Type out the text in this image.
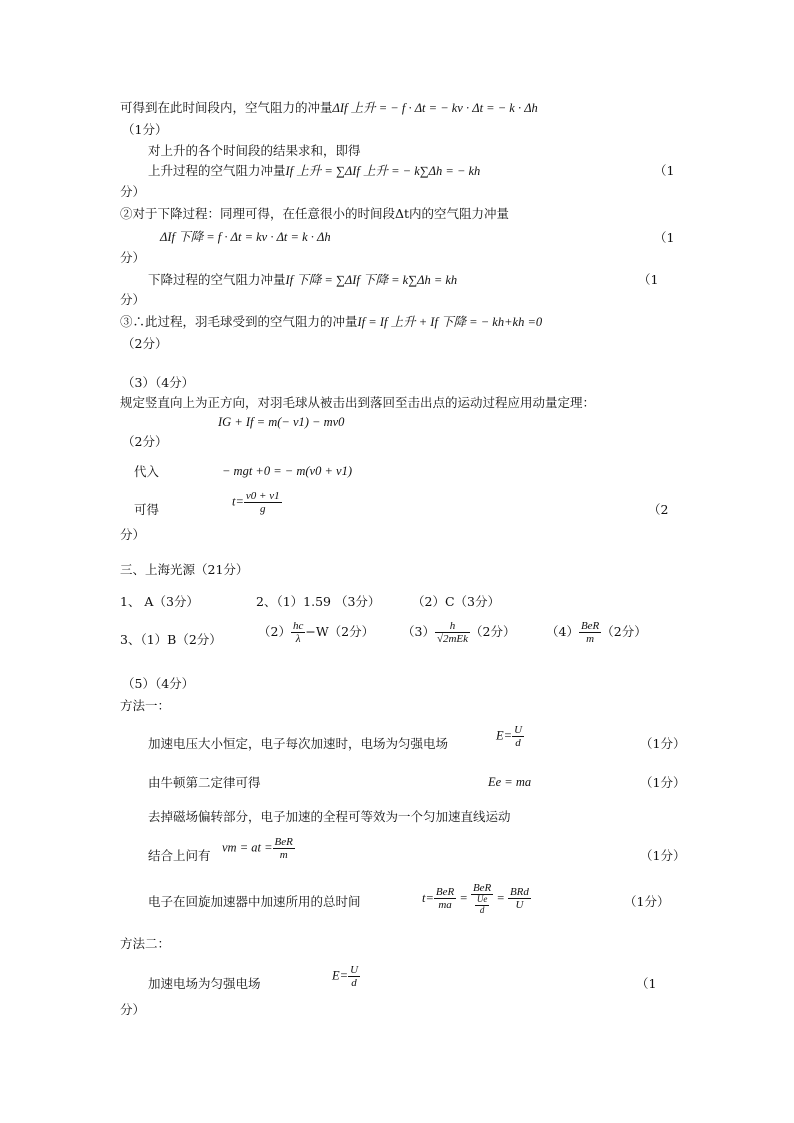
可得到在此时间段内，空气阻力的冲量ΔIf 上升 = − f · Δt = − kv · Δt = − k · Δh
（1分）
对上升的各个时间段的结果求和，即得
上升过程的空气阻力冲量If 上升 = ∑ΔIf 上升 = − k∑Δh = − kh	（1
分）
②对于下降过程：同理可得，在任意很小的时间段Δt内的空气阻力冲量
ΔIf 下降 = f · Δt = kv · Δt = k · Δh	（1
分）
下降过程的空气阻力冲量If 下降 = ∑ΔIf 下降 = k∑Δh = kh	（1
分）
③∴此过程，羽毛球受到的空气阻力的冲量If = If 上升 + If 下降 = − kh+kh =0
（2分）
（3）（4分）
规定竖直向上为正方向，对羽毛球从被击出到落回至击出点的运动过程应用动量定理：
IG + If = m(− v1) − mv0
（2分）
代入	− mgt +0 = − m(v0 + v1)
可得
$t= \frac{v0 + v1}{g}$	（2
分）
三、上海光源（21分）
1、 A（3分）	2、（1）1.59 （3分）	（2）C（3分）
3、（1）B（2分）
$(2) \frac{hc}{\lambda} -W(2$分） $(3) \frac{h}{\text{√2mEk}} (2$分） $(4) \frac{\text{BeR}}{m} (2$分）
（5）（4分）
方法一：
加速电压大小恒定，电子每次加速时，电场为匀强电场
$E= \frac{U}{d}$	（1分）
由牛顿第二定律可得	Ee = ma	（1分）
去掉磁场偏转部分，电子加速的全程可等效为一个匀加速直线运动
结合上问有
vm = at = $\frac{\text{BeR}}{m}$	（1分）
电子在回旋加速器中加速所用的总时间	$t= \frac{\text{BeR}}{ma} = \frac{\text{BeR}}{\frac{Ue}{d}} = \frac{\text{BRd}}{U}$	（1分）
方法二：
加速电场为匀强电场
$E= \frac{U}{d}$	（1
分）
